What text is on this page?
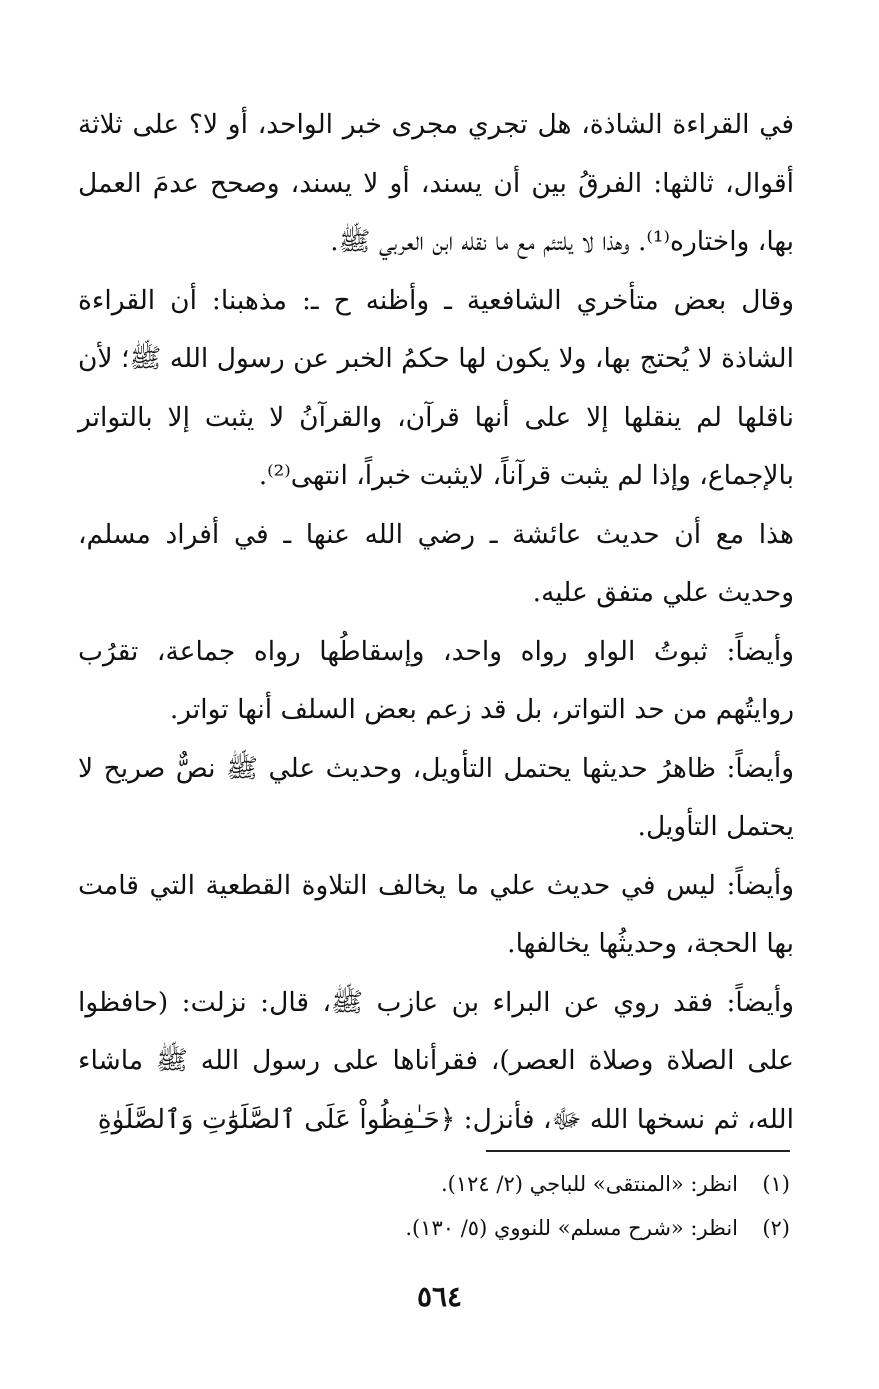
في القراءة الشاذة، هل تجري مجرى خبر الواحد، أو لا؟ على ثلاثة أقوال، ثالثها: الفرقُ بين أن يسند، أو لا يسند، وصحح عدمَ العمل بها، واختاره⁽¹⁾. وهذا لا يلتئم مع ما نقله ابن العربي ﷺ.

وقال بعض متأخري الشافعية ـ وأظنه ح ـ: مذهبنا: أن القراءة الشاذة لا يُحتج بها، ولا يكون لها حكمُ الخبر عن رسول الله ﷺ؛ لأن ناقلها لم ينقلها إلا على أنها قرآن، والقرآنُ لا يثبت إلا بالتواتر بالإجماع، وإذا لم يثبت قرآناً، لايثبت خبراً، انتهى⁽²⁾.

هذا مع أن حديث عائشة ـ رضي الله عنها ـ في أفراد مسلم، وحديث علي متفق عليه.

وأيضاً: ثبوتُ الواو رواه واحد، وإسقاطُها رواه جماعة، تقرُب روايتُهم من حد التواتر، بل قد زعم بعض السلف أنها تواتر.

وأيضاً: ظاهرُ حديثها يحتمل التأويل، وحديث علي ﷺ نصٌّ صريح لا يحتمل التأويل.

وأيضاً: ليس في حديث علي ما يخالف التلاوة القطعية التي قامت بها الحجة، وحديثُها يخالفها.

وأيضاً: فقد روي عن البراء بن عازب ﷺ، قال: نزلت: (حافظوا على الصلاة وصلاة العصر)، فقرأناها على رسول الله ﷺ ماشاء الله، ثم نسخها الله ﷻ، فأنزل: ﴿حَـٰفِظُواْ عَلَى ٱلصَّلَوَٰتِ وَٱلصَّلَوٰةِ

(١)انظر: «المنتقى» للباجي (٢/ ١٢٤).
(٢)انظر: «شرح مسلم» للنووي (٥/ ١٣٠).
٥٦٤
